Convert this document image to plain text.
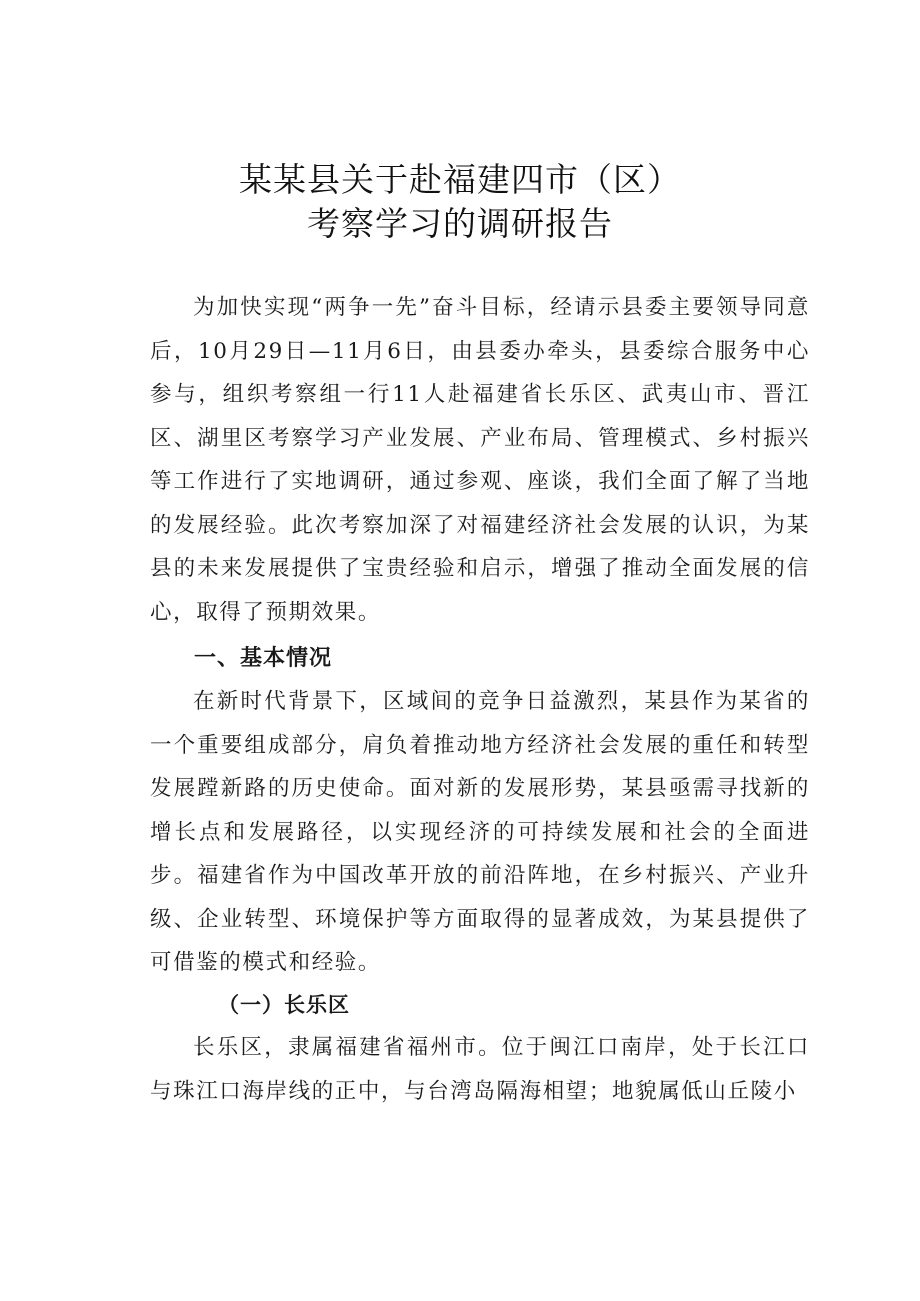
某某县关于赴福建四市（区）
考察学习的调研报告

为加快实现“两争一先”奋斗目标，经请示县委主要领导同意后，10月29日—11月6日，由县委办牵头，县委综合服务中心参与，组织考察组一行11人赴福建省长乐区、武夷山市、晋江区、湖里区考察学习产业发展、产业布局、管理模式、乡村振兴等工作进行了实地调研，通过参观、座谈，我们全面了解了当地的发展经验。此次考察加深了对福建经济社会发展的认识，为某县的未来发展提供了宝贵经验和启示，增强了推动全面发展的信心，取得了预期效果。

一、基本情况

在新时代背景下，区域间的竞争日益激烈，某县作为某省的一个重要组成部分，肩负着推动地方经济社会发展的重任和转型发展蹚新路的历史使命。面对新的发展形势，某县亟需寻找新的增长点和发展路径，以实现经济的可持续发展和社会的全面进步。福建省作为中国改革开放的前沿阵地，在乡村振兴、产业升级、企业转型、环境保护等方面取得的显著成效，为某县提供了可借鉴的模式和经验。

（一）长乐区

长乐区，隶属福建省福州市。位于闽江口南岸，处于长江口与珠江口海岸线的正中，与台湾岛隔海相望；地貌属低山丘陵小
